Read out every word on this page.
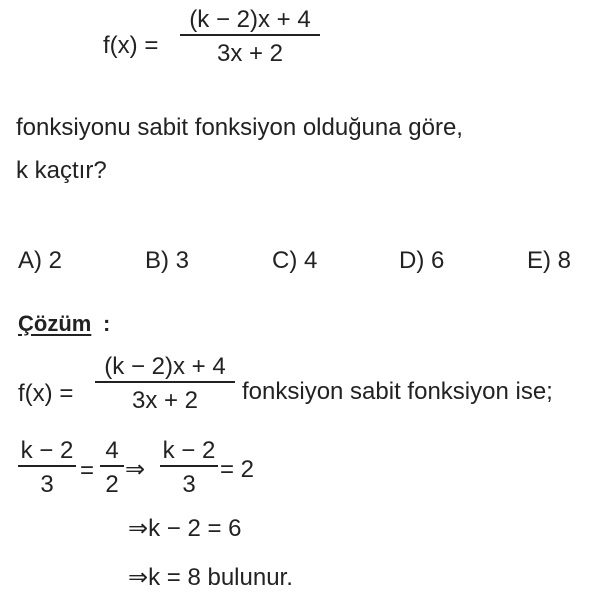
f(x) =
(k − 2)x + 4
3x + 2
fonksiyonu sabit fonksiyon olduğuna göre,
k kaçtır?
A) 2	B) 3	C) 4	D) 6	E) 8
Çözüm :
f(x) =
(k − 2)x + 4
3x + 2	fonksiyon sabit fonksiyon ise;
k − 2
3
=
4
2
⇒
k − 2
3
= 2
⇒k − 2 = 6
⇒k = 8 bulunur.
